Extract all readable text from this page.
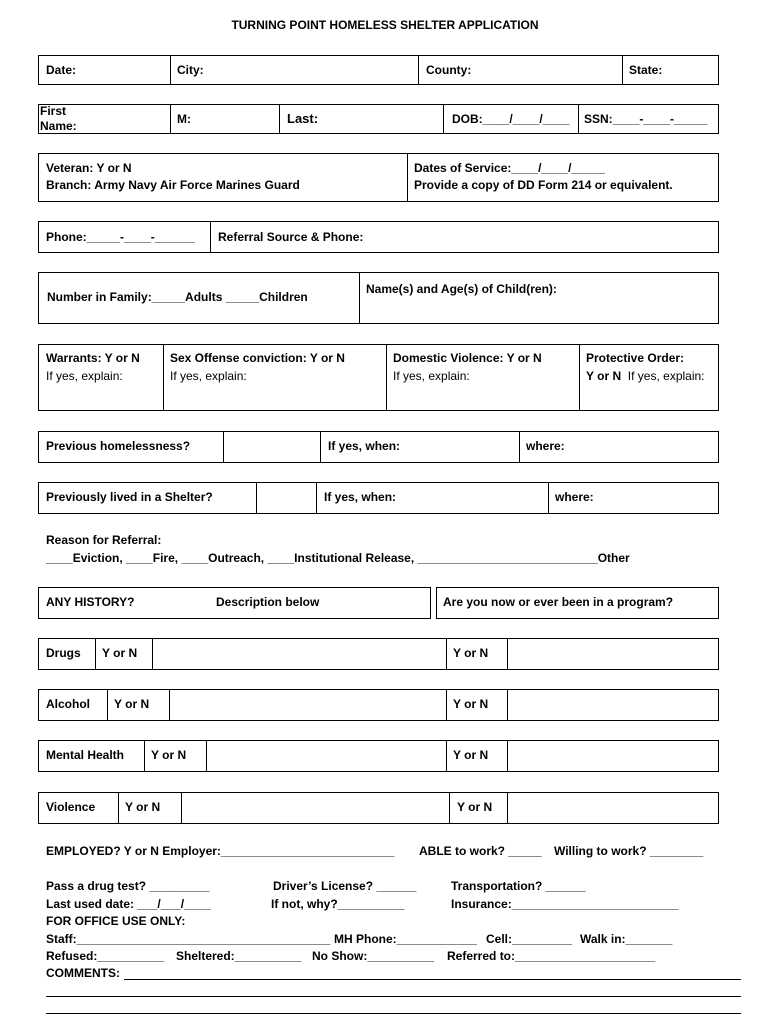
TURNING POINT HOMELESS SHELTER APPLICATION
Date:	City:	County:	State:
First
Name:	M:	Last:	DOB:____/____/____ SSN:____-____-_____
Veteran: Y or N
Branch: Army Navy Air Force Marines Guard
Dates of Service:____/____/_____
Provide a copy of DD Form 214 or equivalent.
Phone:_____-____-______ Referral Source & Phone:
Number in Family:_____Adults _____Children
Name(s) and Age(s) of Child(ren):
Warrants: Y or N
If yes, explain:
Sex Offense conviction: Y or N
If yes, explain:
Domestic Violence: Y or N
If yes, explain:
Protective Order:
Y or N If yes, explain:
Previous homelessness?	If yes, when:	where:
Previously lived in a Shelter?	If yes, when:	where:
Reason for Referral:
____Eviction, ____Fire, ____Outreach, ____Institutional Release, ___________________________Other
ANY HISTORY?	Description below	Are you now or ever been in a program?
Drugs Y or N	Y or N
Alcohol Y or N	Y or N
Mental Health Y or N	Y or N
Violence Y or N	Y or N
EMPLOYED? Y or N Employer:__________________________ ABLE to work? _____ Willing to work? ________
Pass a drug test? _________
Last used date: ___/___/____
Driver’s License? ______
If not, why?__________
Transportation? ______
Insurance:_________________________
FOR OFFICE USE ONLY:
Staff:______________________________________ MH Phone:____________ Cell:_________ Walk in:_______
Refused:__________ Sheltered:__________ No Show:__________ Referred to:_____________________
COMMENTS:
